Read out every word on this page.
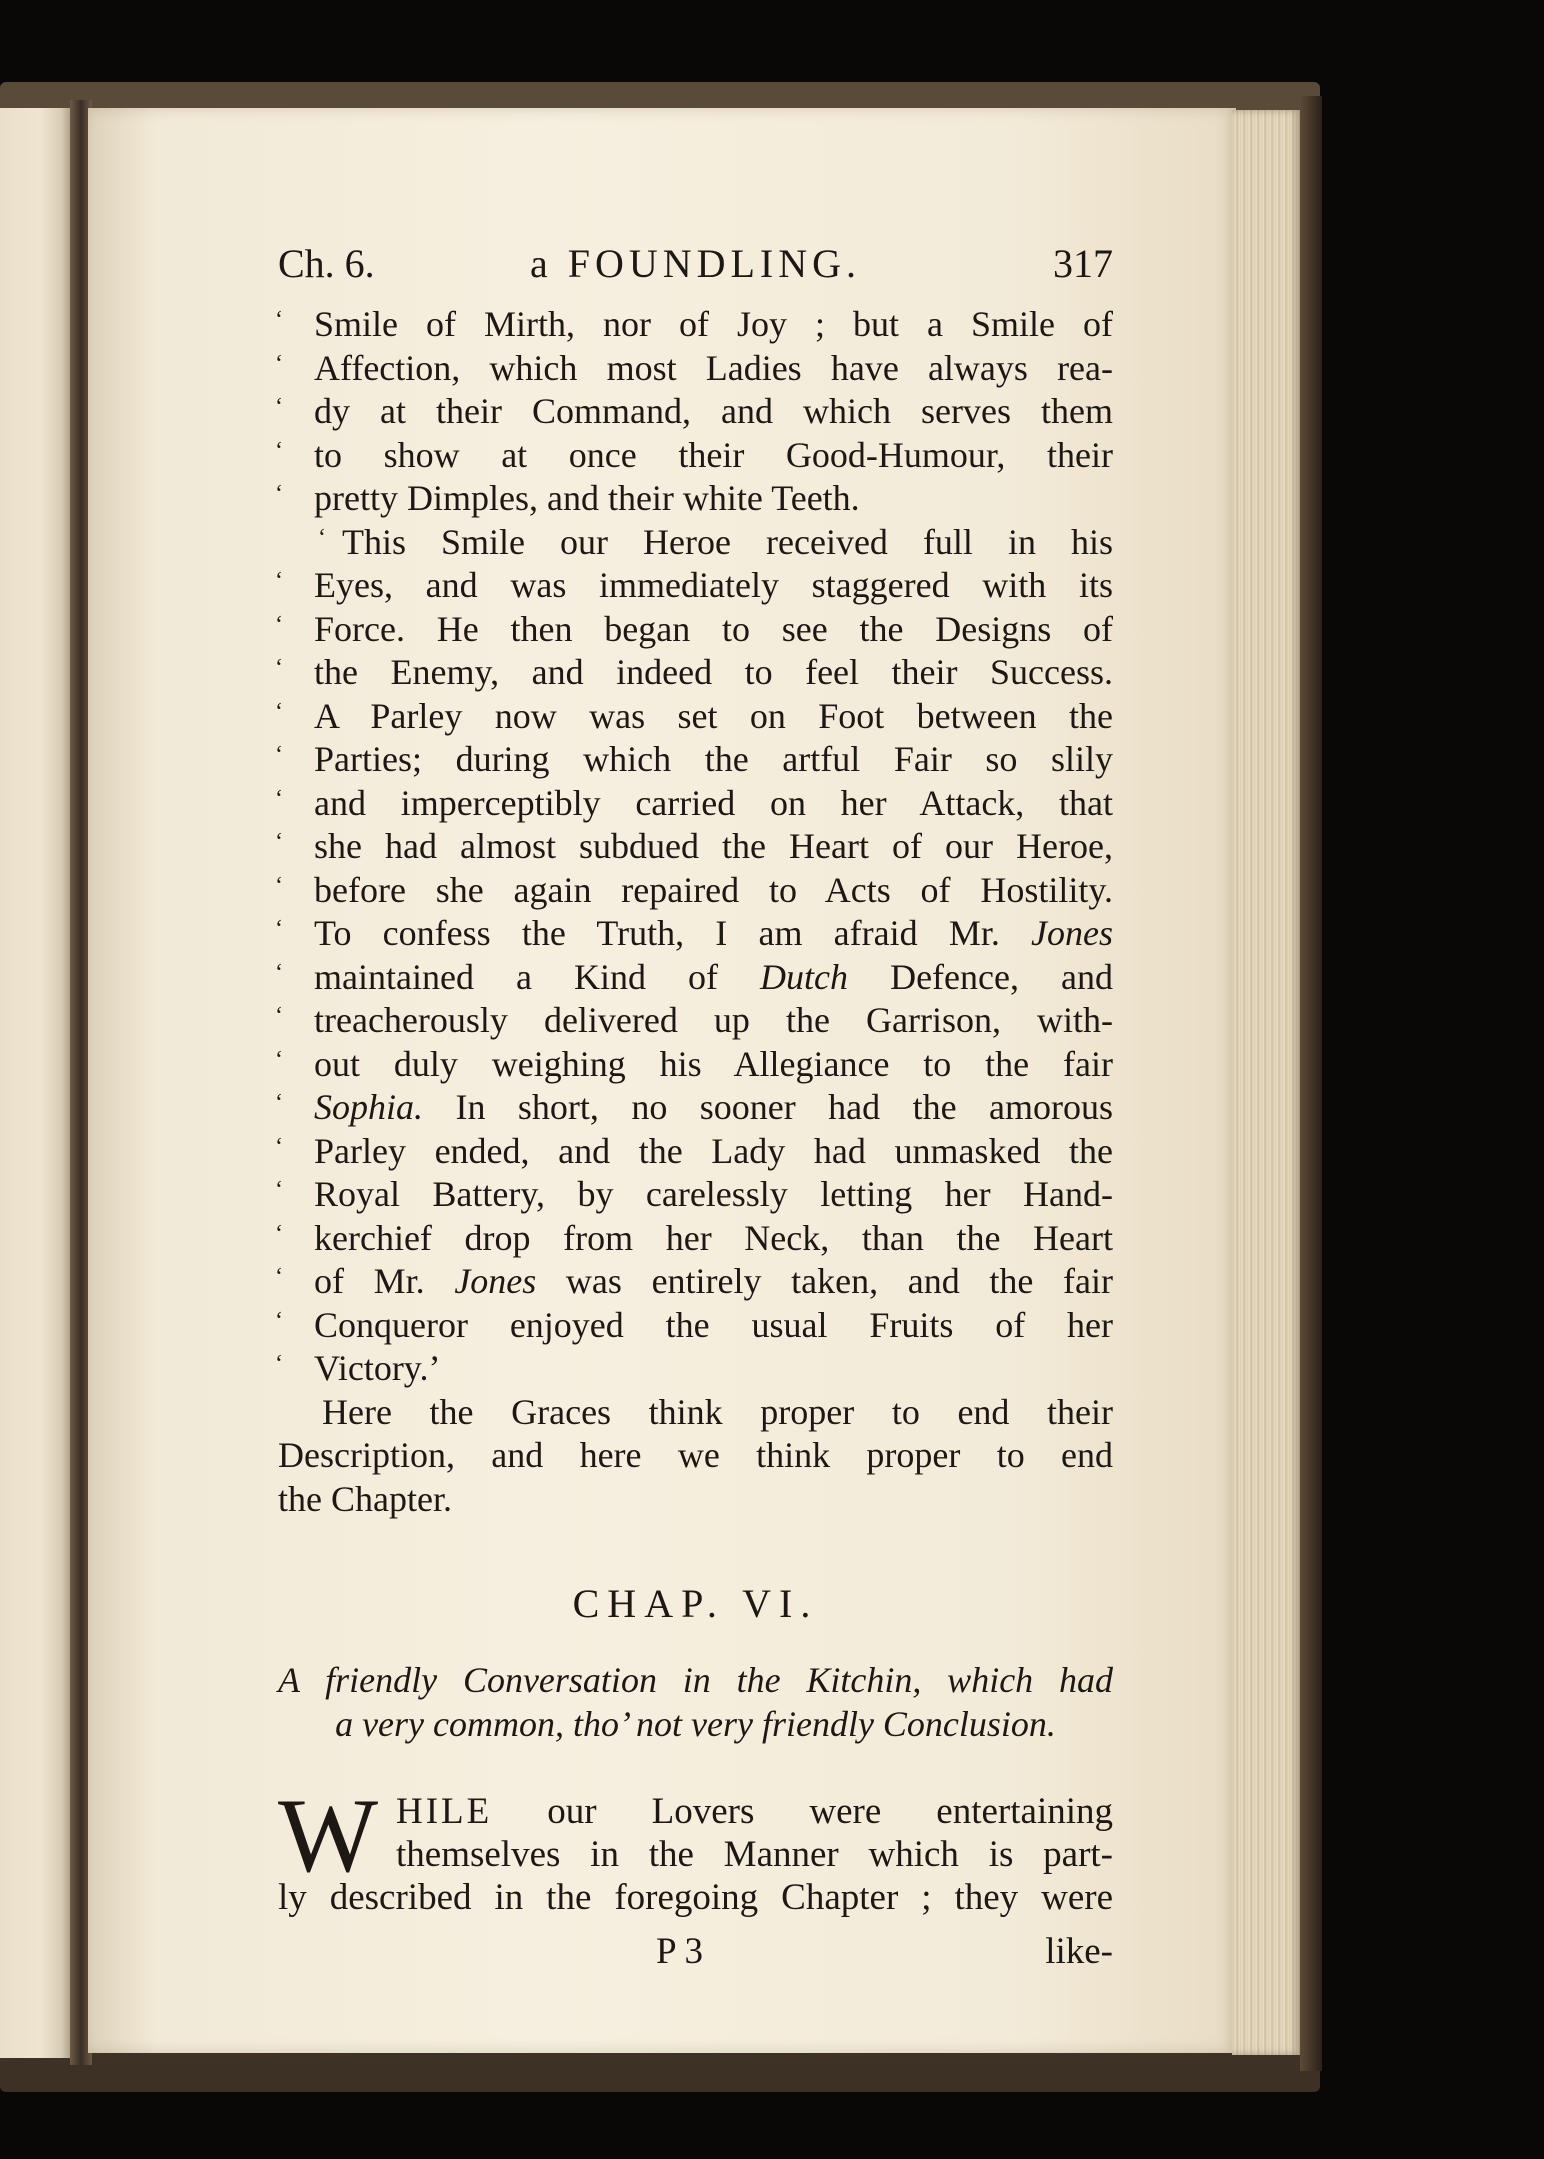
Ch. 6.	a FOUNDLING.	317
‘ Smile of Mirth, nor of Joy ; but a Smile of
‘ Affection, which most Ladies have always rea-
‘ dy at their Command, and which serves them
‘ to show at once their Good-Humour, their
‘ pretty Dimples, and their white Teeth.
‘ This Smile our Heroe received full in his
‘ Eyes, and was immediately staggered with its
‘ Force. He then began to see the Designs of
‘ the Enemy, and indeed to feel their Success.
‘ A Parley now was set on Foot between the
‘ Parties; during which the artful Fair so slily
‘ and imperceptibly carried on her Attack, that
‘ she had almost subdued the Heart of our Heroe,
‘ before she again repaired to Acts of Hostility.
‘ To confess the Truth, I am afraid Mr. Jones
‘ maintained a Kind of Dutch Defence, and
‘ treacherously delivered up the Garrison, with-
‘ out duly weighing his Allegiance to the fair
‘ Sophia. In short, no sooner had the amorous
‘ Parley ended, and the Lady had unmasked the
‘ Royal Battery, by carelessly letting her Hand-
‘ kerchief drop from her Neck, than the Heart
‘ of Mr. Jones was entirely taken, and the fair
‘ Conqueror enjoyed the usual Fruits of her
‘ Victory.’
Here the Graces think proper to end their
Description, and here we think proper to end
the Chapter.
CHAP. VI.
A friendly Conversation in the Kitchin, which had
a very common, tho’ not very friendly Conclusion.
W HILE our Lovers were entertaining
themselves in the Manner which is part-
ly described in the foregoing Chapter ; they were
P 3	like-
